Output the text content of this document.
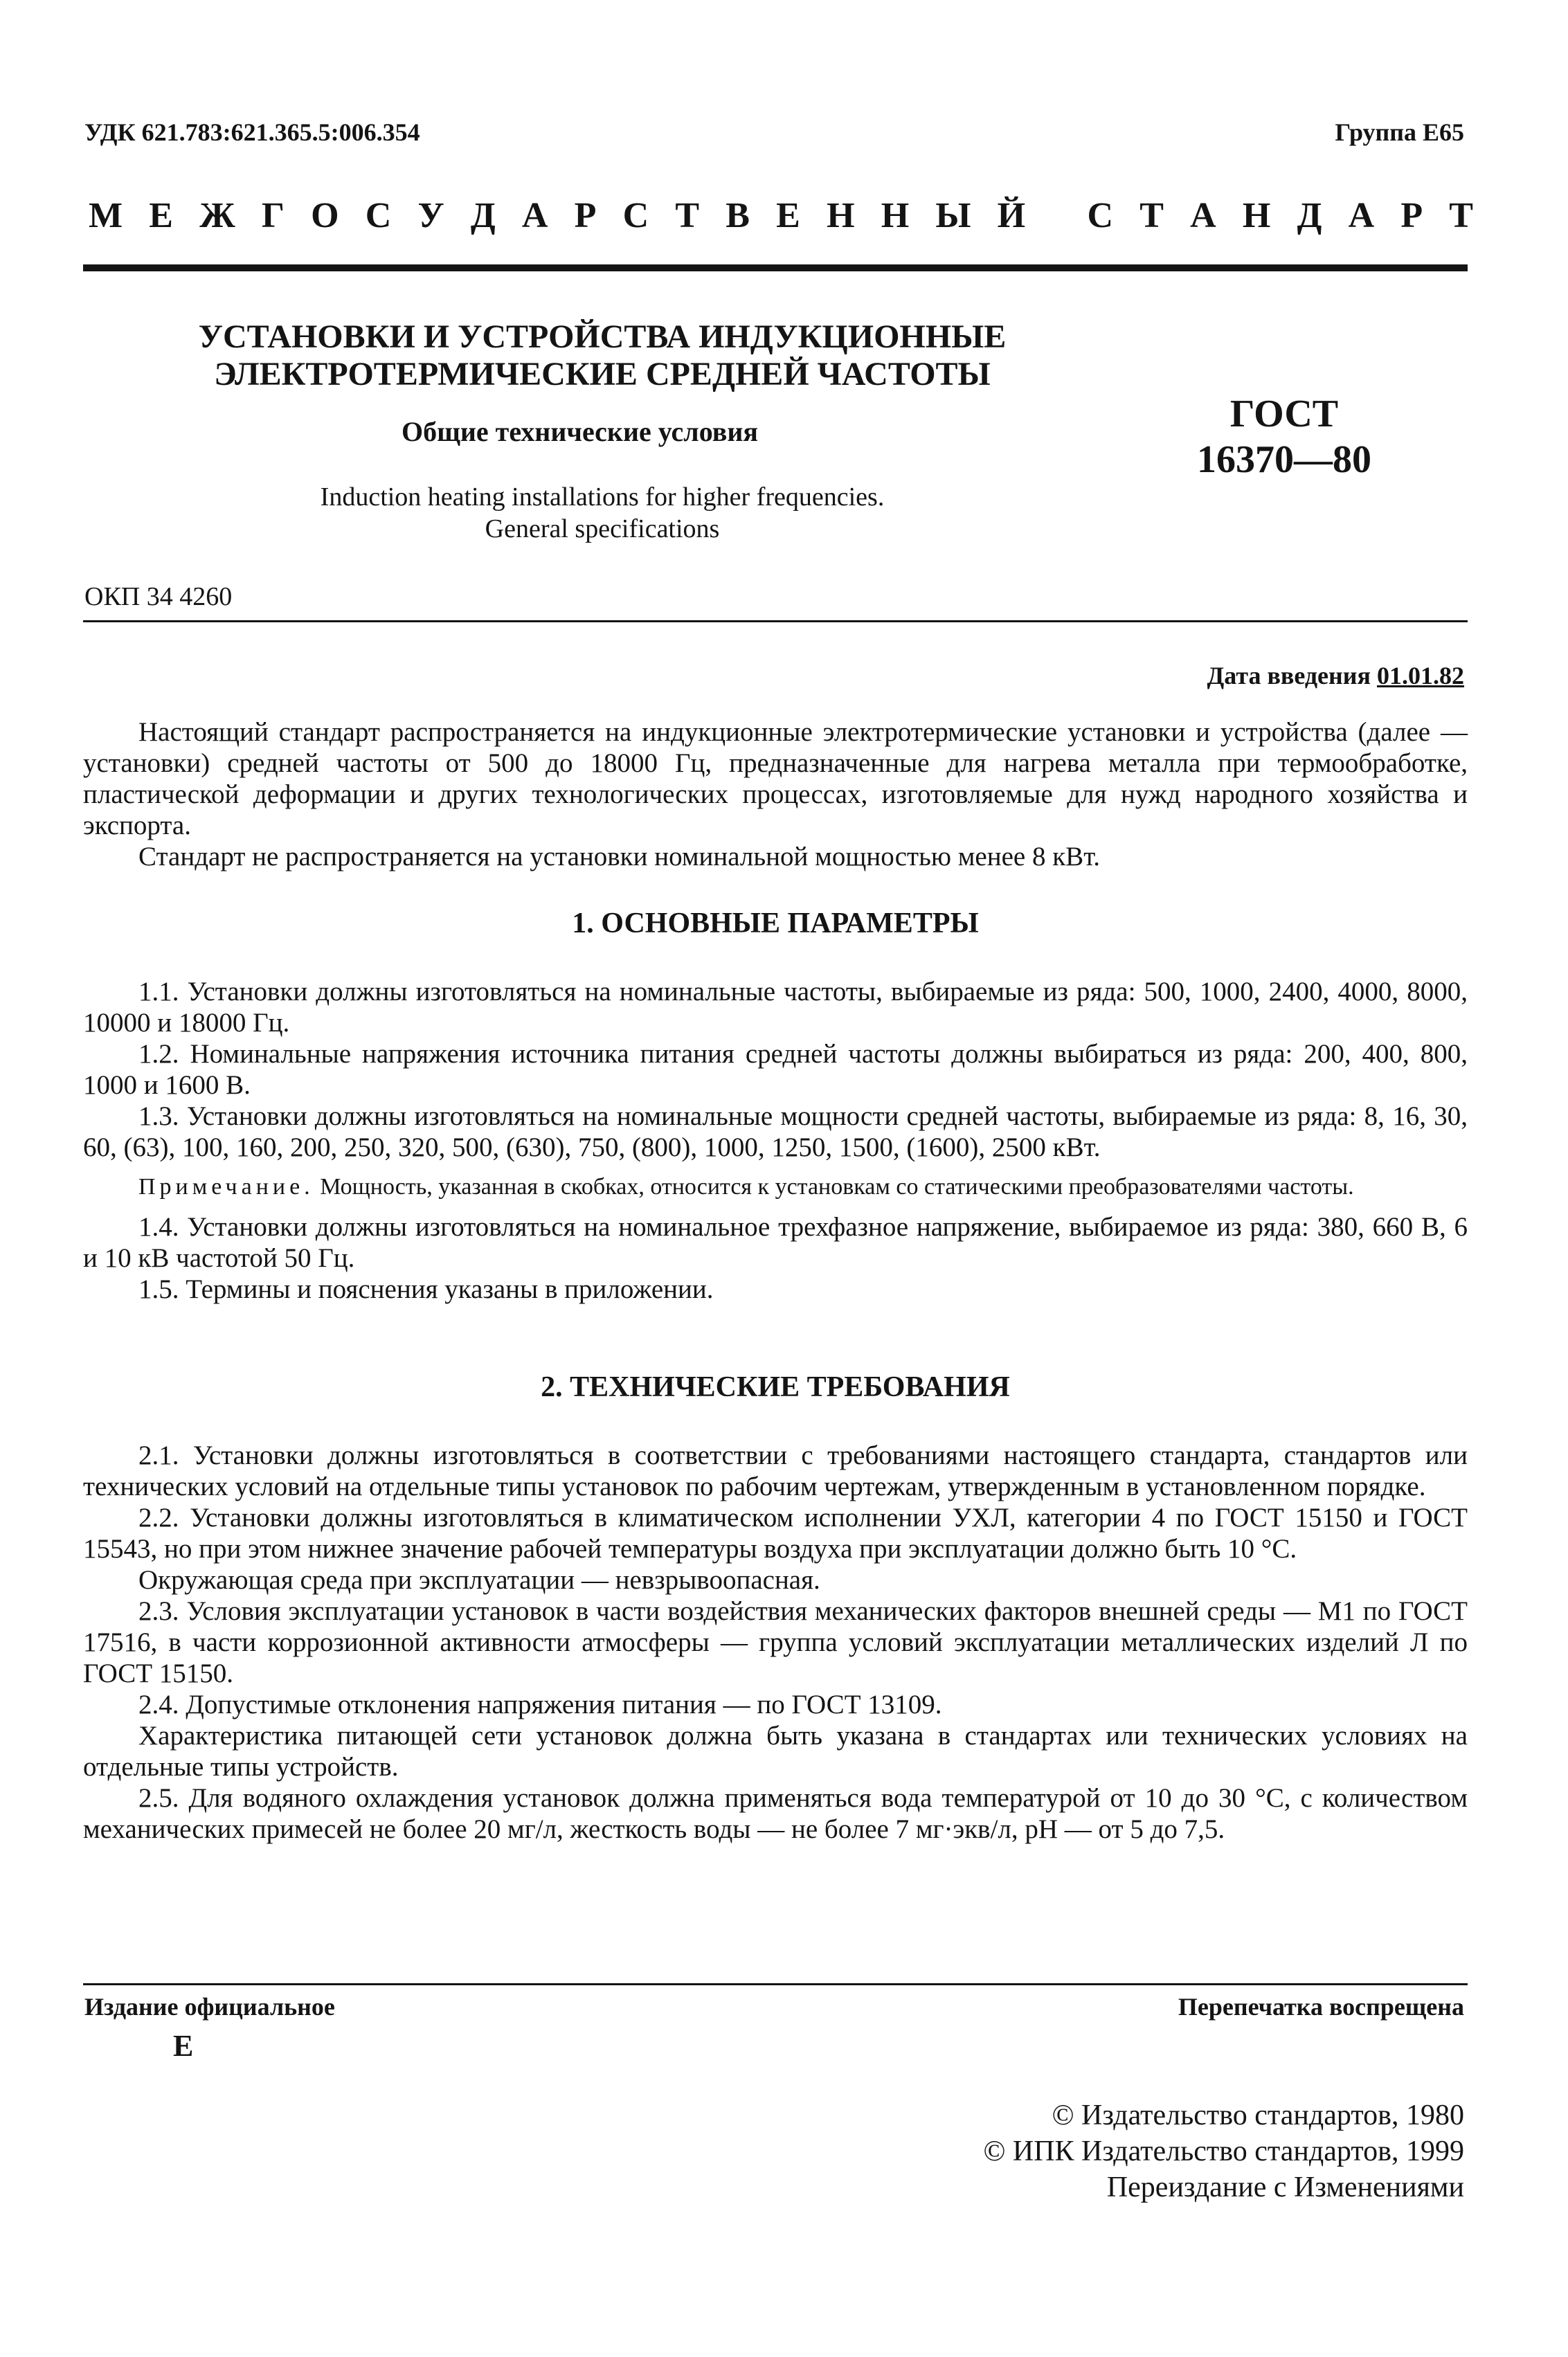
УДК 621.783:621.365.5:006.354	Группа Е65
М Е Ж Г О С У Д А Р С Т В Е Н Н Ы Й
С Т А Н Д А Р Т
УСТАНОВКИ И УСТРОЙСТВА ИНДУКЦИОННЫЕ
ЭЛЕКТРОТЕРМИЧЕСКИЕ СРЕДНЕЙ ЧАСТОТЫ
Общие технические условия
Induction heating installations for higher frequencies.
General specifications
ГОСТ
16370—80
ОКП 34 4260
Дата введения 01.01.82

Настоящий стандарт распространяется на индукционные электротермические установки и устройства (далее — установки) средней частоты от 500 до 18000 Гц, предназначенные для нагрева металла при термообработке, пластической деформации и других технологических процессах, изготовляемые для нужд народного хозяйства и экспорта.

Стандарт не распространяется на установки номинальной мощностью менее 8 кВт.

1. ОСНОВНЫЕ ПАРАМЕТРЫ

1.1. Установки должны изготовляться на номинальные частоты, выбираемые из ряда: 500, 1000, 2400, 4000, 8000, 10000 и 18000 Гц.

1.2. Номинальные напряжения источника питания средней частоты должны выбираться из ряда: 200, 400, 800, 1000 и 1600 В.

1.3. Установки должны изготовляться на номинальные мощности средней частоты, выбираемые из ряда: 8, 16, 30, 60, (63), 100, 160, 200, 250, 320, 500, (630), 750, (800), 1000, 1250, 1500, (1600), 2500 кВт.

Примечание. Мощность, указанная в скобках, относится к установкам со статическими преобразователями частоты.

1.4. Установки должны изготовляться на номинальное трехфазное напряжение, выбираемое из ряда: 380, 660 В, 6 и 10 кВ частотой 50 Гц.

1.5. Термины и пояснения указаны в приложении.

2. ТЕХНИЧЕСКИЕ ТРЕБОВАНИЯ

2.1. Установки должны изготовляться в соответствии с требованиями настоящего стандарта, стандартов или технических условий на отдельные типы установок по рабочим чертежам, утвержденным в установленном порядке.

2.2. Установки должны изготовляться в климатическом исполнении УХЛ, категории 4 по ГОСТ 15150 и ГОСТ 15543, но при этом нижнее значение рабочей температуры воздуха при эксплуатации должно быть 10 °С.

Окружающая среда при эксплуатации — невзрывоопасная.

2.3. Условия эксплуатации установок в части воздействия механических факторов внешней среды — М1 по ГОСТ 17516, в части коррозионной активности атмосферы — группа условий эксплуатации металлических изделий Л по ГОСТ 15150.

2.4. Допустимые отклонения напряжения питания — по ГОСТ 13109.

Характеристика питающей сети установок должна быть указана в стандартах или технических условиях на отдельные типы устройств.

2.5. Для водяного охлаждения установок должна применяться вода температурой от 10 до 30 °С, с количеством механических примесей не более 20 мг/л, жесткость воды — не более 7 мг·экв/л, рН — от 5 до 7,5.

Издание официальное
Е
Перепечатка воспрещена
© Издательство стандартов, 1980
© ИПК Издательство стандартов, 1999
Переиздание с Изменениями
